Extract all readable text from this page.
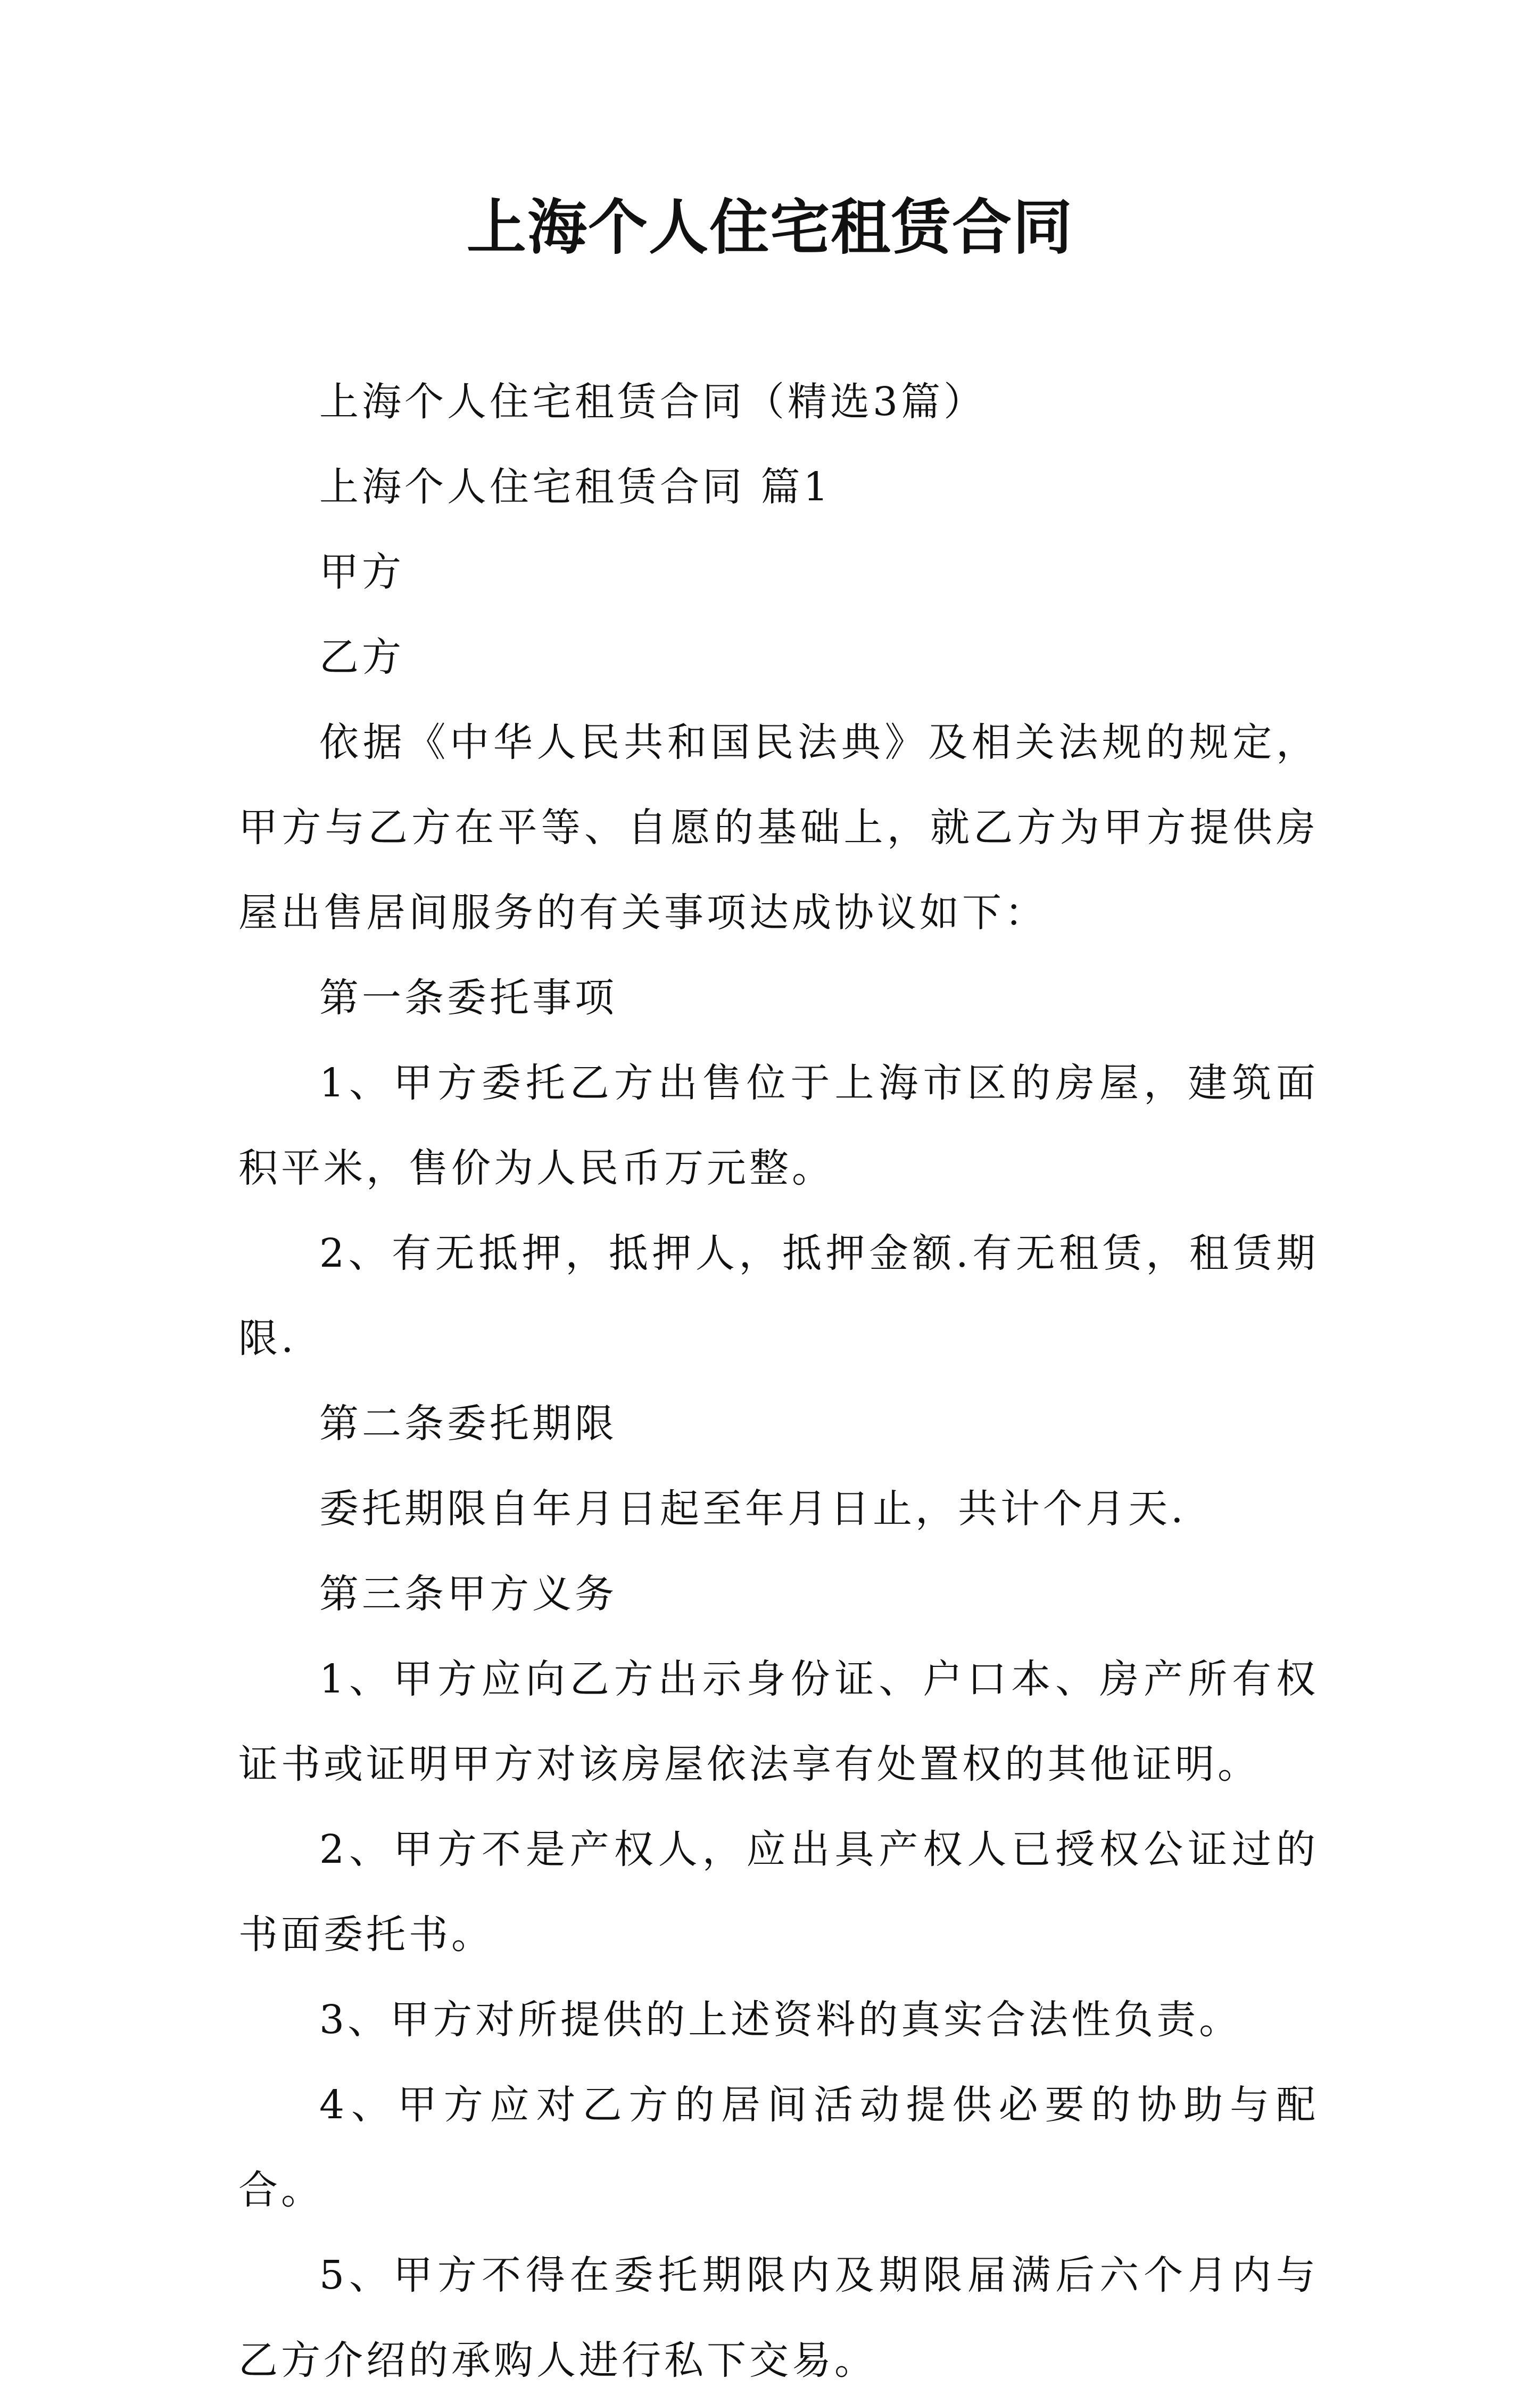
上海个人住宅租赁合同

上海个人住宅租赁合同（精选3篇）

上海个人住宅租赁合同 篇1

甲方

乙方

依据《中华人民共和国民法典》及相关法规的规定，甲方与乙方在平等、自愿的基础上，就乙方为甲方提供房屋出售居间服务的有关事项达成协议如下：

第一条委托事项

1、甲方委托乙方出售位于上海市区的房屋，建筑面积平米，售价为人民币万元整。

2、有无抵押，抵押人，抵押金额.有无租赁，租赁期限.

第二条委托期限

委托期限自年月日起至年月日止，共计个月天.

第三条甲方义务

1、甲方应向乙方出示身份证、户口本、房产所有权证书或证明甲方对该房屋依法享有处置权的其他证明。

2、甲方不是产权人，应出具产权人已授权公证过的书面委托书。

3、甲方对所提供的上述资料的真实合法性负责。

4、甲方应对乙方的居间活动提供必要的协助与配合。

5、甲方不得在委托期限内及期限届满后六个月内与乙方介绍的承购人进行私下交易。
